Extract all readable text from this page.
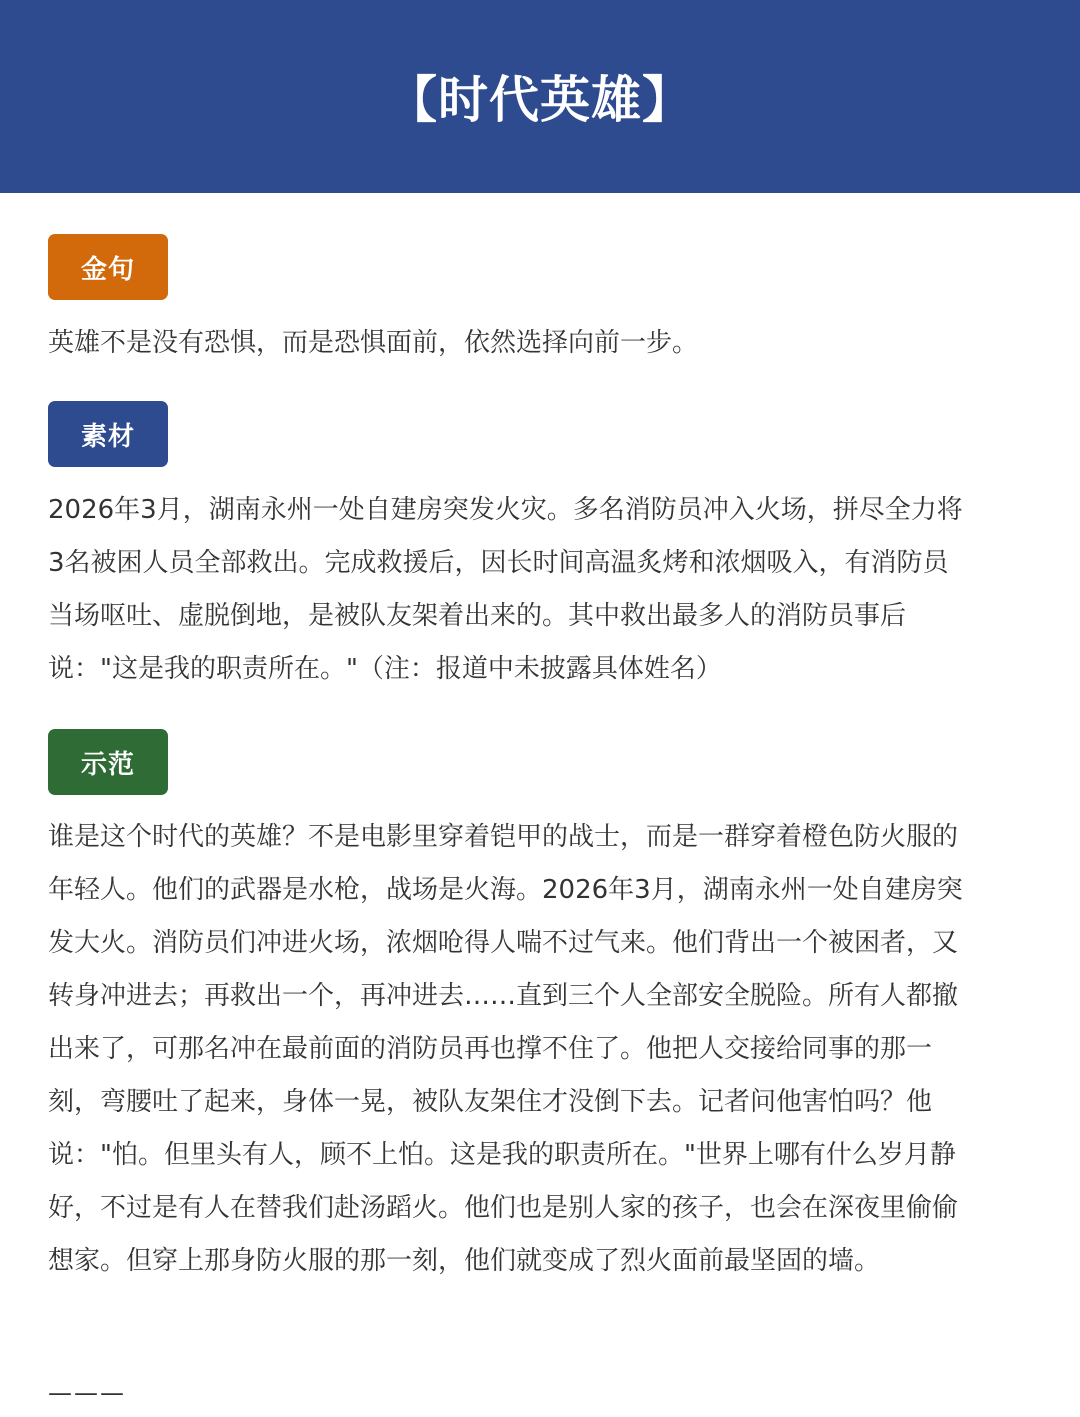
【时代英雄】
金句

英雄不是没有恐惧，而是恐惧面前，依然选择向前一步。

素材

2026年3月，湖南永州一处自建房突发火灾。多名消防员冲入火场，拼尽全力将
3名被困人员全部救出。完成救援后，因长时间高温炙烤和浓烟吸入，有消防员
当场呕吐、虚脱倒地，是被队友架着出来的。其中救出最多人的消防员事后
说："这是我的职责所在。"（注：报道中未披露具体姓名）

示范

谁是这个时代的英雄？不是电影里穿着铠甲的战士，而是一群穿着橙色防火服的
年轻人。他们的武器是水枪，战场是火海。2026年3月，湖南永州一处自建房突
发大火。消防员们冲进火场，浓烟呛得人喘不过气来。他们背出一个被困者，又
转身冲进去；再救出一个，再冲进去……直到三个人全部安全脱险。所有人都撤
出来了，可那名冲在最前面的消防员再也撑不住了。他把人交接给同事的那一
刻，弯腰吐了起来，身体一晃，被队友架住才没倒下去。记者问他害怕吗？他
说："怕。但里头有人，顾不上怕。这是我的职责所在。"世界上哪有什么岁月静
好，不过是有人在替我们赴汤蹈火。他们也是别人家的孩子，也会在深夜里偷偷
想家。但穿上那身防火服的那一刻，他们就变成了烈火面前最坚固的墙。

———
